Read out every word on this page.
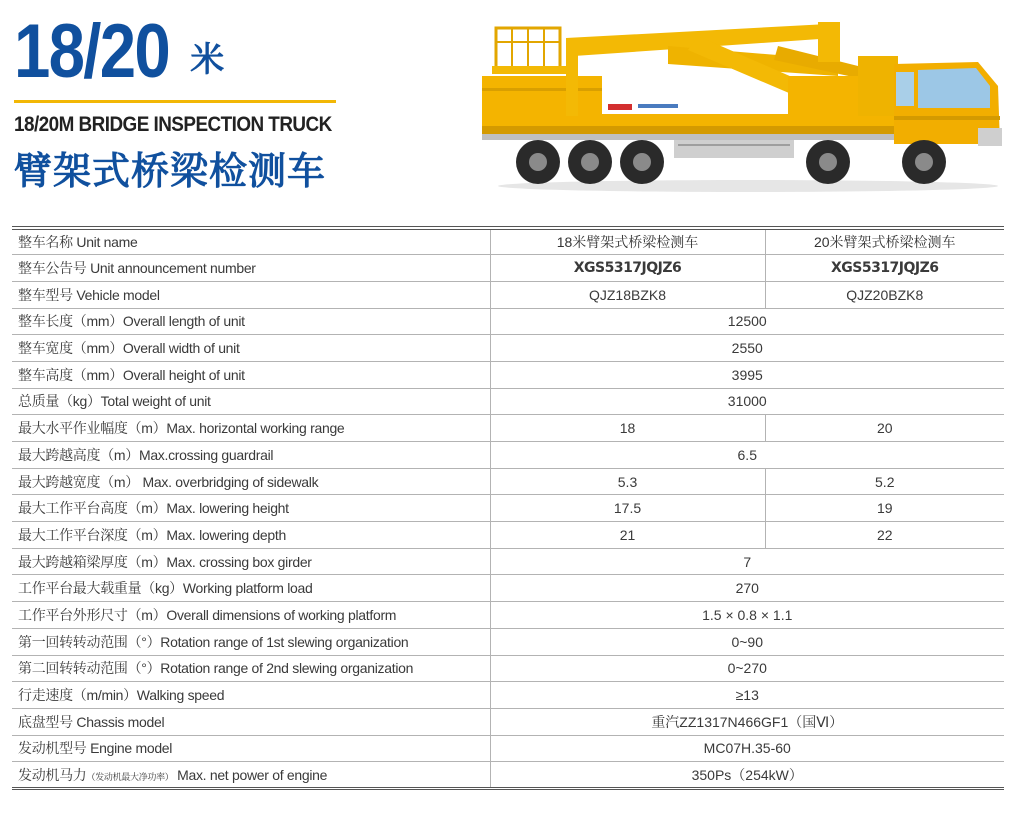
18/20 米
18/20M BRIDGE INSPECTION TRUCK
臂架式桥梁检测车
整车名称 Unit name	18米臂架式桥梁检测车	20米臂架式桥梁检测车
整车公告号 Unit announcement number	XGS5317JQJZ6	XGS5317JQJZ6
整车型号 Vehicle model	QJZ18BZK8	QJZ20BZK8
整车长度（mm）Overall length of unit	12500	
整车宽度（mm）Overall width of unit	2550	
整车高度（mm）Overall height of unit	3995	
总质量（kg）Total weight of unit	31000	
最大水平作业幅度（m）Max. horizontal working range	18	20
最大跨越高度（m）Max.crossing guardrail	6.5	
最大跨越宽度（m） Max. overbridging of sidewalk	5.3	5.2
最大工作平台高度（m）Max. lowering height	17.5	19
最大工作平台深度（m）Max. lowering depth	21	22
最大跨越箱梁厚度（m）Max. crossing box girder	7	
工作平台最大载重量（kg）Working platform load	270	
工作平台外形尺寸（m）Overall dimensions of working platform	1.5 × 0.8 × 1.1	
第一回转转动范围（°）Rotation range of 1st slewing organization	0~90	
第二回转转动范围（°）Rotation range of 2nd slewing organization	0~270	
行走速度（m/min）Walking speed	≥13	
底盘型号 Chassis model	重汽ZZ1317N466GF1（国Ⅵ）	
发动机型号 Engine model	MC07H.35-60	
发动机马力（发动机最大净功率） Max. net power of engine	350Ps（254kW）	
